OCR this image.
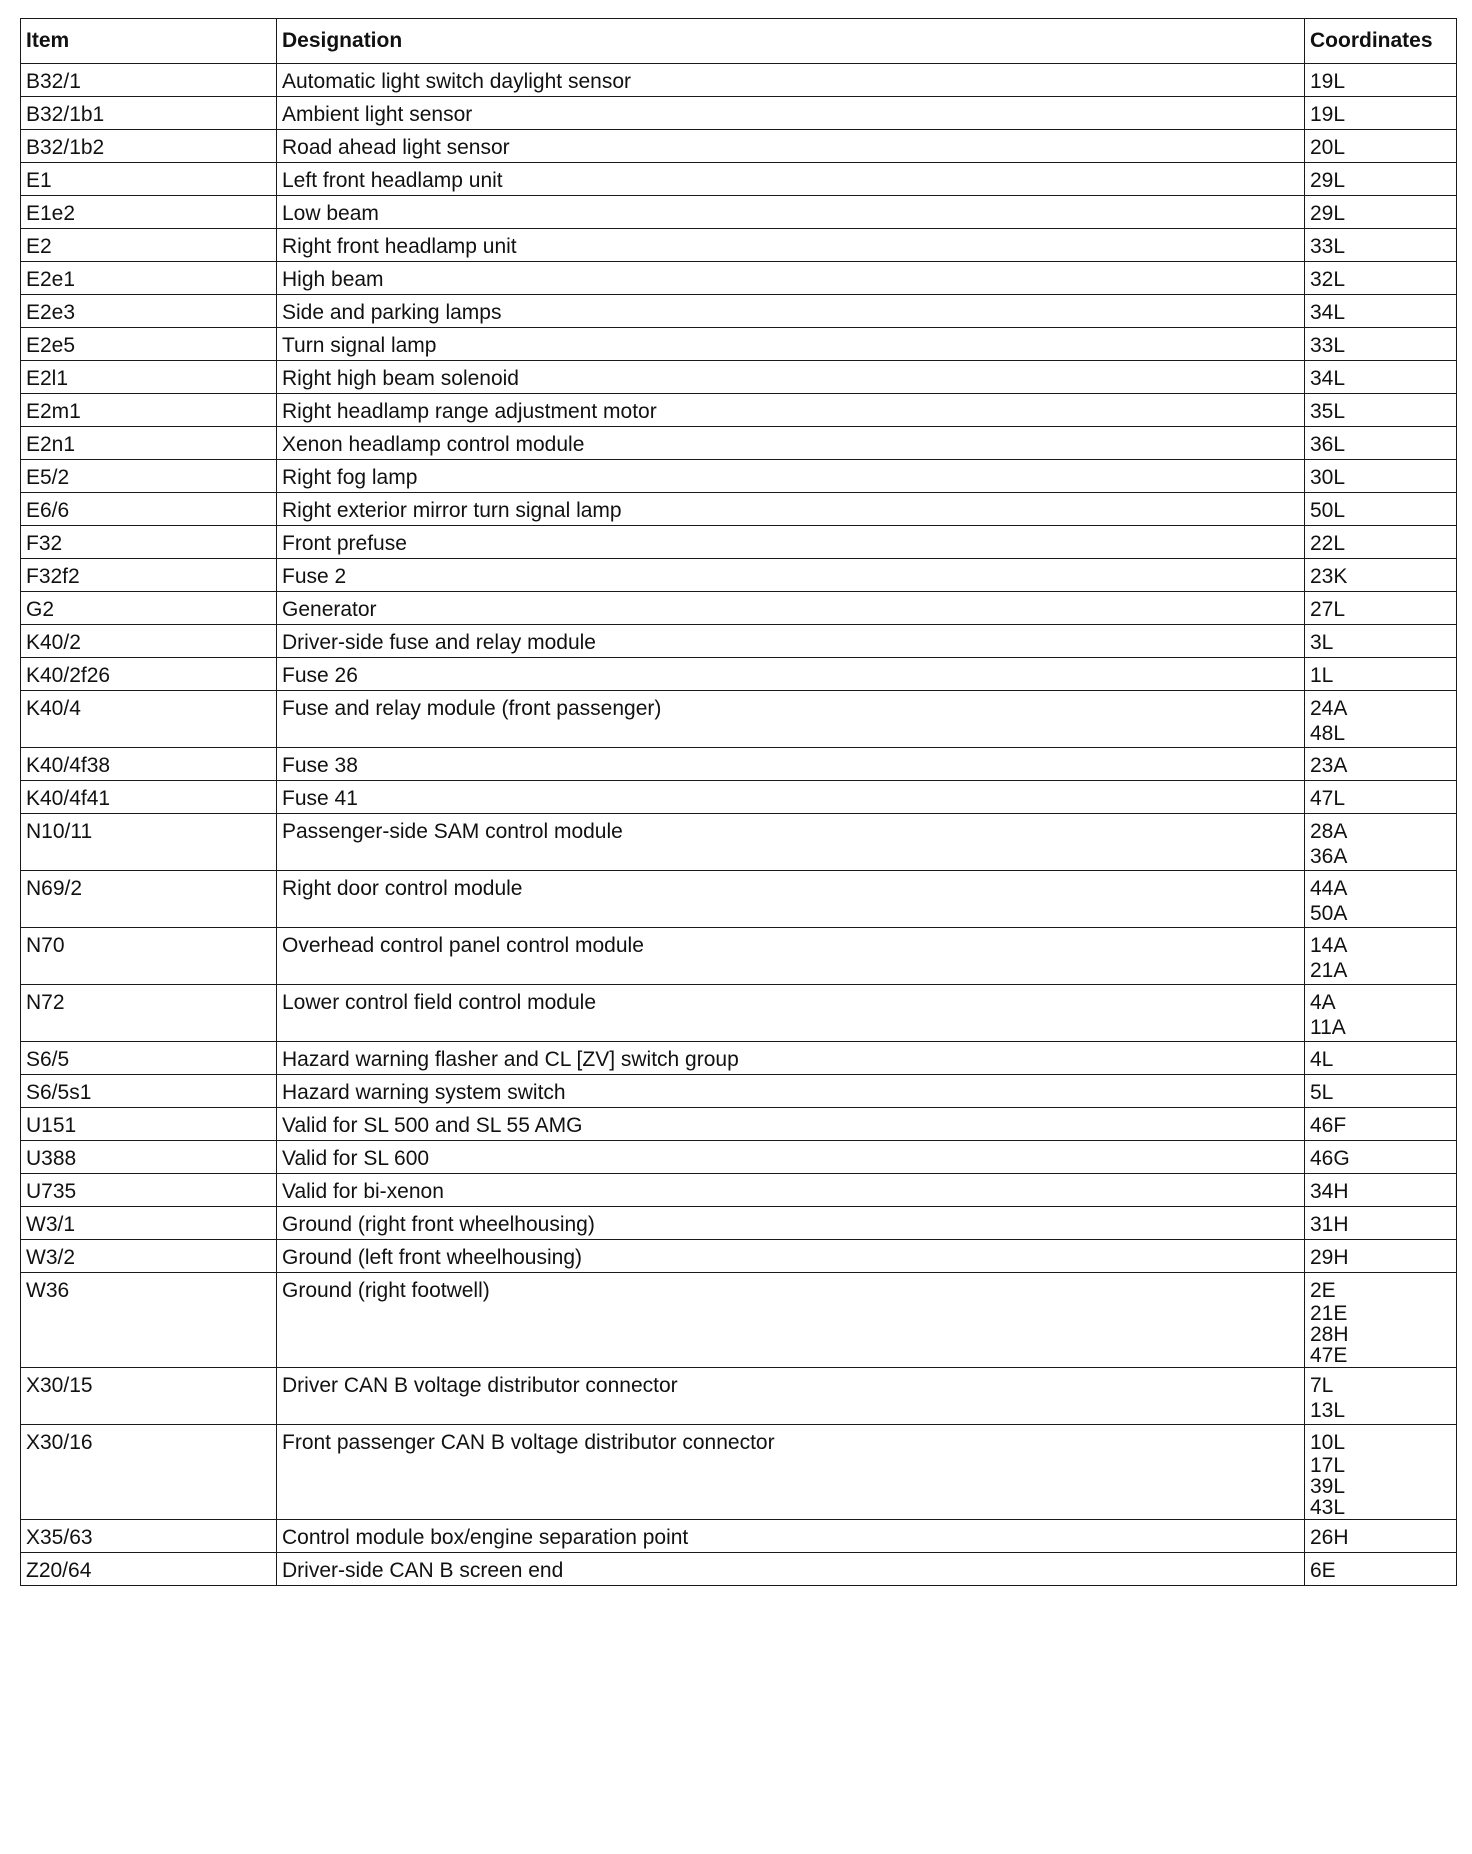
Item	Designation	Coordinates
B32/1	Automatic light switch daylight sensor	19L

B32/1b1	Ambient light sensor	19L

B32/1b2	Road ahead light sensor	20L

E1	Left front headlamp unit	29L

E1e2	Low beam	29L

E2	Right front headlamp unit	33L

E2e1	High beam	32L

E2e3	Side and parking lamps	34L

E2e5	Turn signal lamp	33L

E2l1	Right high beam solenoid	34L

E2m1	Right headlamp range adjustment motor	35L

E2n1	Xenon headlamp control module	36L

E5/2	Right fog lamp	30L

E6/6	Right exterior mirror turn signal lamp	50L

F32	Front prefuse	22L

F32f2	Fuse 2	23K

G2	Generator	27L

K40/2	Driver-side fuse and relay module	3L

K40/2f26	Fuse 26	1L

K40/4	Fuse and relay module (front passenger)	24A
48L

K40/4f38	Fuse 38	23A

K40/4f41	Fuse 41	47L

N10/11	Passenger-side SAM control module	28A
36A

N69/2	Right door control module	44A
50A

N70	Overhead control panel control module	14A
21A

N72	Lower control field control module	4A
11A

S6/5	Hazard warning flasher and CL [ZV] switch group	4L

S6/5s1	Hazard warning system switch	5L

U151	Valid for SL 500 and SL 55 AMG	46F

U388	Valid for SL 600	46G

U735	Valid for bi-xenon	34H

W3/1	Ground (right front wheelhousing)	31H

W3/2	Ground (left front wheelhousing)	29H

W36	Ground (right footwell)	2E
21E
28H
47E

X30/15	Driver CAN B voltage distributor connector	7L
13L

X30/16	Front passenger CAN B voltage distributor connector	10L
17L
39L
43L

X35/63	Control module box/engine separation point	26H

Z20/64	Driver-side CAN B screen end	6E
